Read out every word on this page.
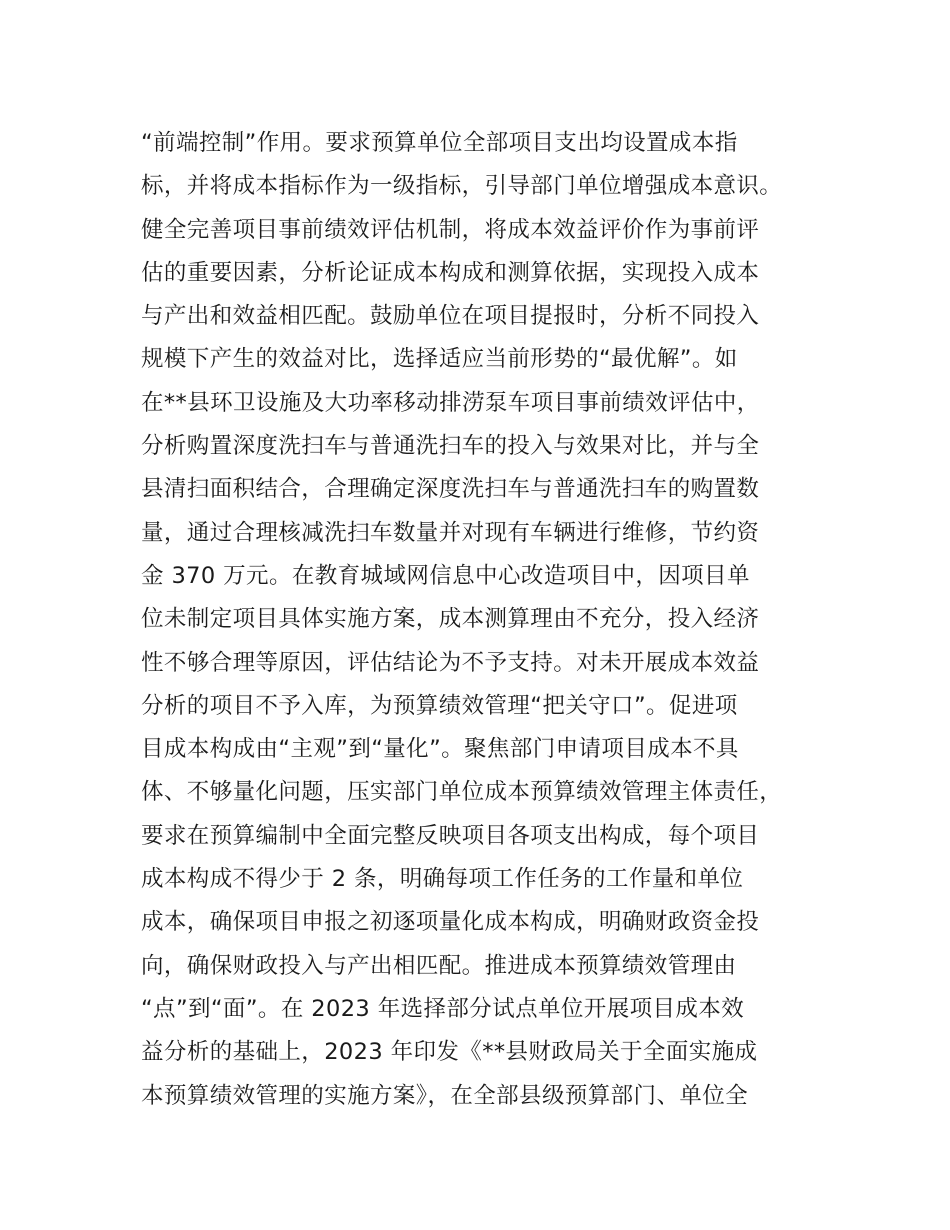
“前端控制”作用。要求预算单位全部项目支出均设置成本指
标，并将成本指标作为一级指标，引导部门单位增强成本意识。
健全完善项目事前绩效评估机制，将成本效益评价作为事前评
估的重要因素，分析论证成本构成和测算依据，实现投入成本
与产出和效益相匹配。鼓励单位在项目提报时，分析不同投入
规模下产生的效益对比，选择适应当前形势的“最优解”。如
在**县环卫设施及大功率移动排涝泵车项目事前绩效评估中，
分析购置深度洗扫车与普通洗扫车的投入与效果对比，并与全
县清扫面积结合，合理确定深度洗扫车与普通洗扫车的购置数
量，通过合理核减洗扫车数量并对现有车辆进行维修，节约资
金 370 万元。在教育城域网信息中心改造项目中，因项目单
位未制定项目具体实施方案，成本测算理由不充分，投入经济
性不够合理等原因，评估结论为不予支持。对未开展成本效益
分析的项目不予入库，为预算绩效管理“把关守口”。促进项
目成本构成由“主观”到“量化”。聚焦部门申请项目成本不具
体、不够量化问题，压实部门单位成本预算绩效管理主体责任，
要求在预算编制中全面完整反映项目各项支出构成，每个项目
成本构成不得少于 2 条，明确每项工作任务的工作量和单位
成本，确保项目申报之初逐项量化成本构成，明确财政资金投
向，确保财政投入与产出相匹配。推进成本预算绩效管理由
“点”到“面”。在 2023 年选择部分试点单位开展项目成本效
益分析的基础上，2023 年印发《**县财政局关于全面实施成
本预算绩效管理的实施方案》，在全部县级预算部门、单位全
